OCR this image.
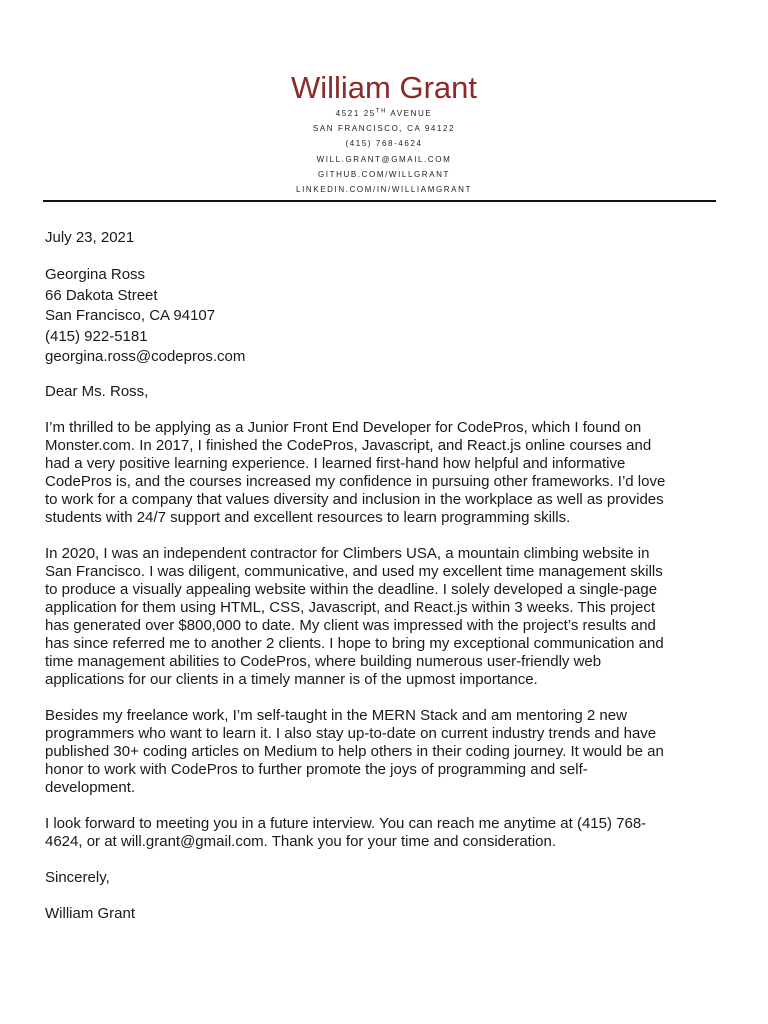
William Grant
4521 25TH AVENUE
SAN FRANCISCO, CA 94122
(415) 768-4624
WILL.GRANT@GMAIL.COM
GITHUB.COM/WILLGRANT
LINKEDIN.COM/IN/WILLIAMGRANT
July 23, 2021
Georgina Ross
66 Dakota Street
San Francisco, CA 94107
(415) 922-5181
georgina.ross@codepros.com
Dear Ms. Ross,
I’m thrilled to be applying as a Junior Front End Developer for CodePros, which I found on
Monster.com. In 2017, I finished the CodePros, Javascript, and React.js online courses and
had a very positive learning experience. I learned first-hand how helpful and informative
CodePros is, and the courses increased my confidence in pursuing other frameworks. I’d love
to work for a company that values diversity and inclusion in the workplace as well as provides
students with 24/7 support and excellent resources to learn programming skills.
In 2020, I was an independent contractor for Climbers USA, a mountain climbing website in
San Francisco. I was diligent, communicative, and used my excellent time management skills
to produce a visually appealing website within the deadline. I solely developed a single-page
application for them using HTML, CSS, Javascript, and React.js within 3 weeks. This project
has generated over $800,000 to date. My client was impressed with the project’s results and
has since referred me to another 2 clients. I hope to bring my exceptional communication and
time management abilities to CodePros, where building numerous user-friendly web
applications for our clients in a timely manner is of the upmost importance.
Besides my freelance work, I’m self-taught in the MERN Stack and am mentoring 2 new
programmers who want to learn it. I also stay up-to-date on current industry trends and have
published 30+ coding articles on Medium to help others in their coding journey. It would be an
honor to work with CodePros to further promote the joys of programming and self-
development.
I look forward to meeting you in a future interview. You can reach me anytime at (415) 768-
4624, or at will.grant@gmail.com. Thank you for your time and consideration.
Sincerely,
William Grant
